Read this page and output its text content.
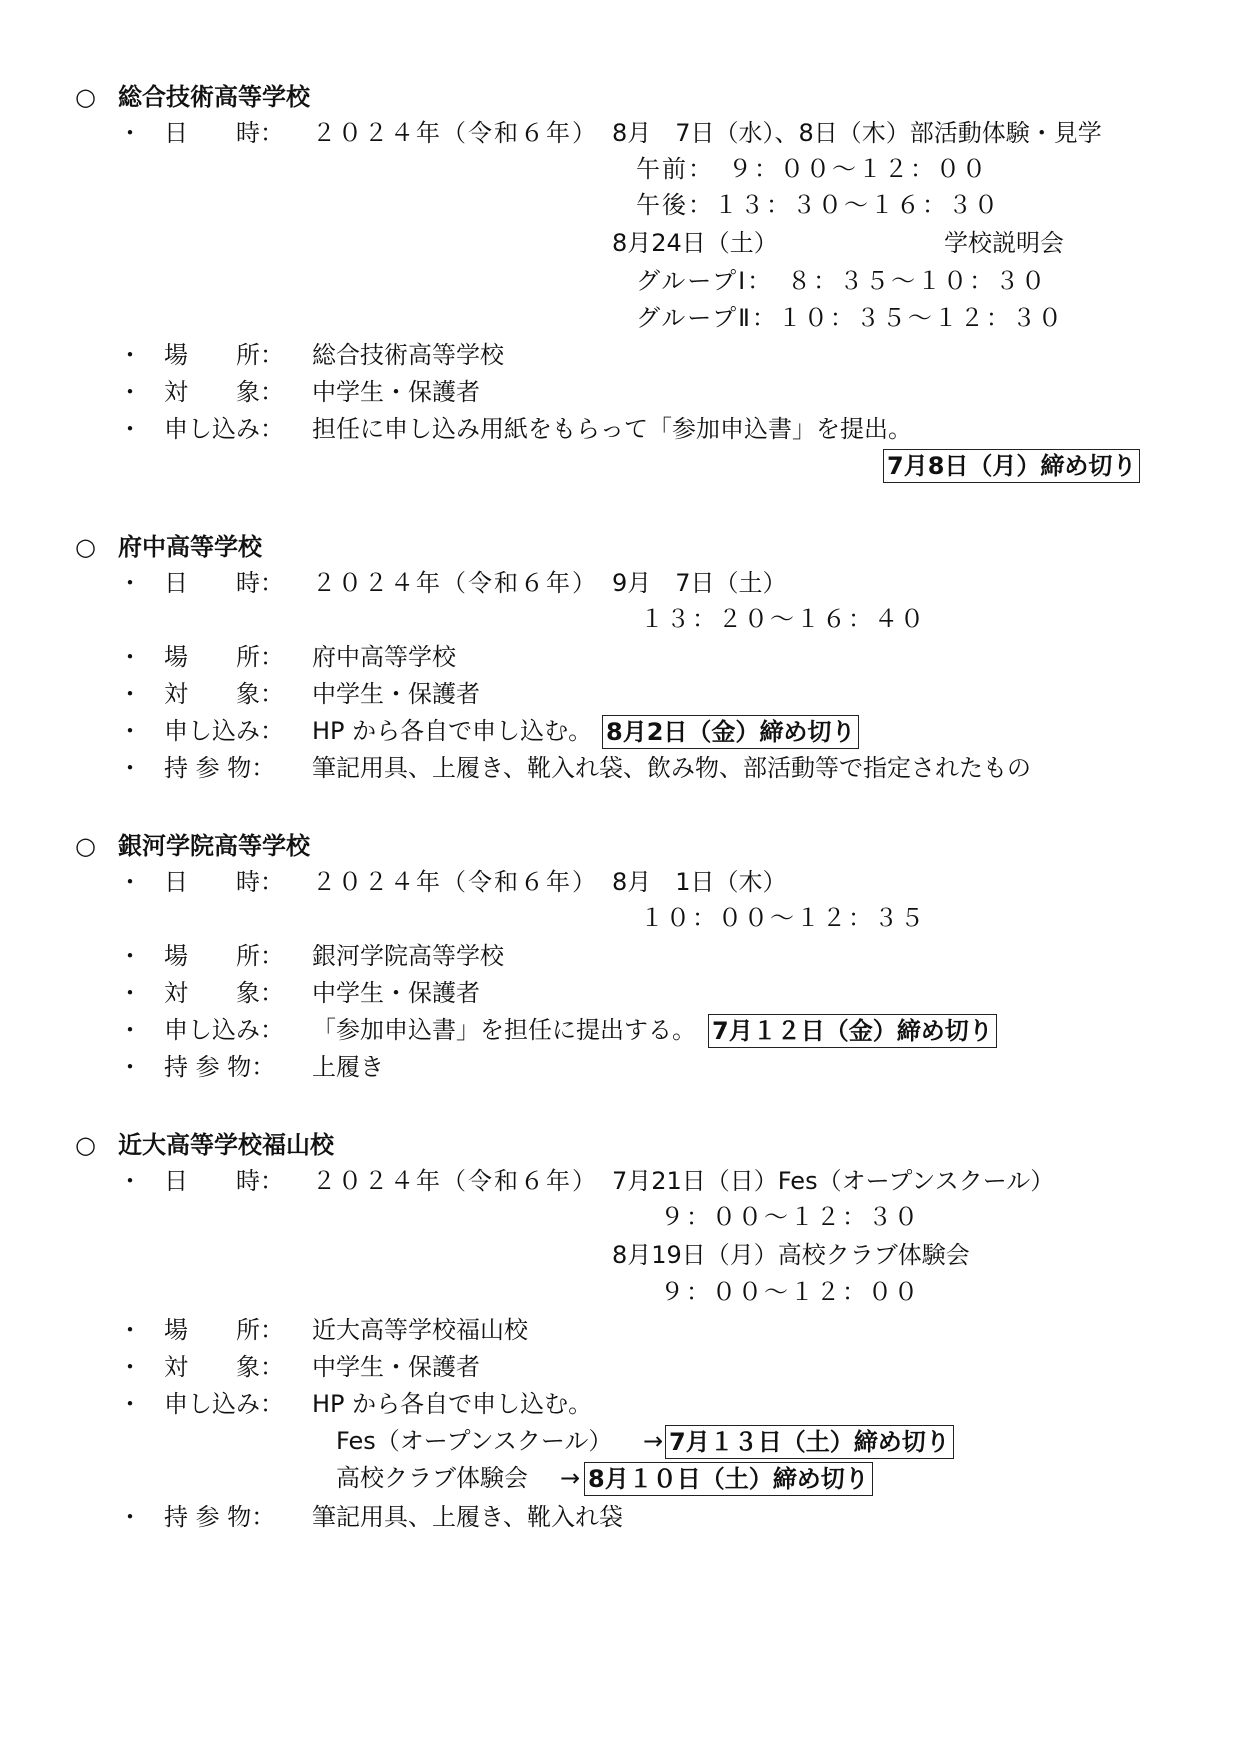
○ 総合技術高等学校
・ 日　　時： ２０２４年（令和６年） 8月　7日（水）、8日（木）部活動体験・見学
午前：　９：００～１２：００
午後：１３：３０～１６：３０
8月24日（土）	学校説明会
グループⅠ：　８：３５～１０：３０
グループⅡ：１０：３５～１２：３０
・ 場　　所： 総合技術高等学校
・ 対　　象： 中学生・保護者
・ 申し込み： 担任に申し込み用紙をもらって「参加申込書」を提出。
7月8日（月）締め切り
○ 府中高等学校
・ 日　　時： ２０２４年（令和６年） 9月　7日（土）
１３：２０～１６：４０
・ 場　　所： 府中高等学校
・ 対　　象： 中学生・保護者
・ 申し込み： HP から各自で申し込む。 8月2日（金）締め切り
・ 持 参 物： 筆記用具、上履き、靴入れ袋、飲み物、部活動等で指定されたもの
○ 銀河学院高等学校
・ 日　　時： ２０２４年（令和６年） 8月　1日（木）
１０：００～１２：３５
・ 場　　所： 銀河学院高等学校
・ 対　　象： 中学生・保護者
・ 申し込み： 「参加申込書」を担任に提出する。 7月１２日（金）締め切り
・ 持 参 物： 上履き
○ 近大高等学校福山校
・ 日　　時： ２０２４年（令和６年） 7月21日（日）Fes（オープンスクール）
９：００～１２：３０
8月19日（月）高校クラブ体験会
９：００～１２：００
・ 場　　所： 近大高等学校福山校
・ 対　　象： 中学生・保護者
・ 申し込み： HP から各自で申し込む。
Fes（オープンスクール） → 7月１３日（土）締め切り
高校クラブ体験会 → 8月１０日（土）締め切り
・ 持 参 物： 筆記用具、上履き、靴入れ袋
